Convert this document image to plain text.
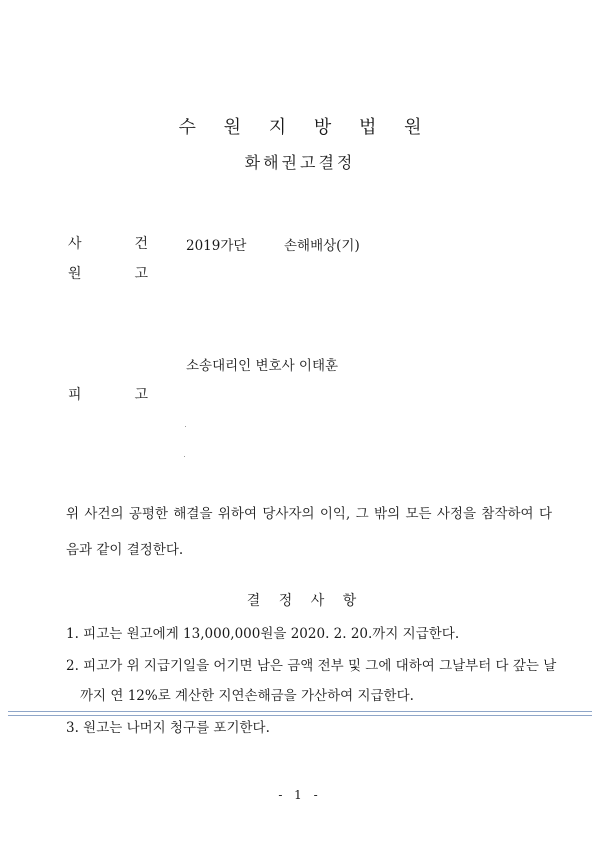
수 원 지 방 법 원
화해권고결정
사	건	2019가단	손해배상(기)
원	고
소송대리인 변호사 이태훈
피	고
위 사건의 공평한 해결을 위하여 당사자의 이익, 그 밖의 모든 사정을 참작하여 다음과 같이 결정한다.
결 정 사 항
1. 피고는 원고에게 13,000,000원을 2020. 2. 20.까지 지급한다.
2. 피고가 위 지급기일을 어기면 남은 금액 전부 및 그에 대하여 그날부터 다 갚는 날
까지 연 12%로 계산한 지연손해금을 가산하여 지급한다.
3. 원고는 나머지 청구를 포기한다.
- 1 -
